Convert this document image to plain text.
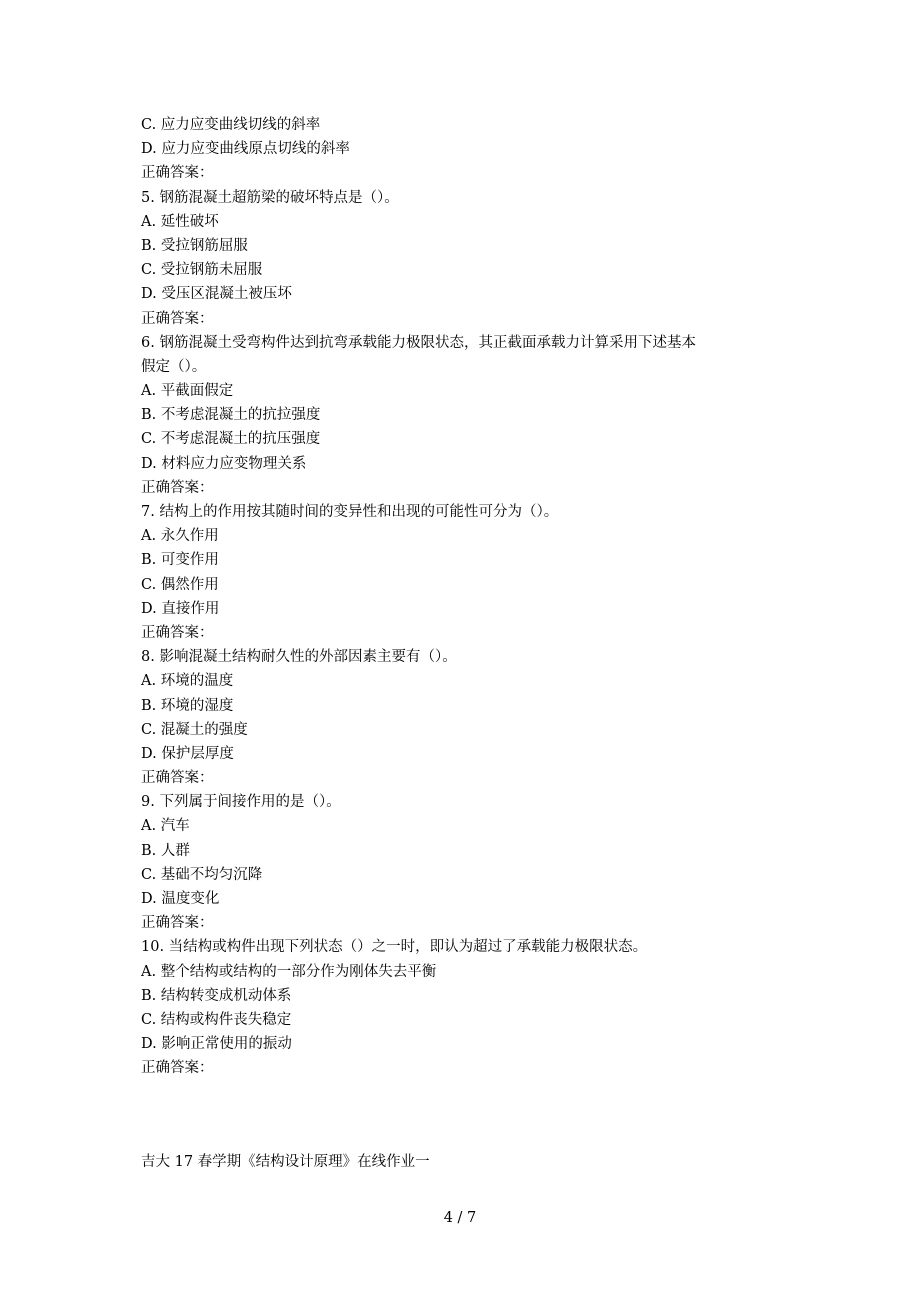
C. 应力应变曲线切线的斜率
D. 应力应变曲线原点切线的斜率
正确答案：
5. 钢筋混凝土超筋梁的破坏特点是（）。
A. 延性破坏
B. 受拉钢筋屈服
C. 受拉钢筋未屈服
D. 受压区混凝土被压坏
正确答案：
6. 钢筋混凝土受弯构件达到抗弯承载能力极限状态，其正截面承载力计算采用下述基本
假定（）。
A. 平截面假定
B. 不考虑混凝土的抗拉强度
C. 不考虑混凝土的抗压强度
D. 材料应力应变物理关系
正确答案：
7. 结构上的作用按其随时间的变异性和出现的可能性可分为（）。
A. 永久作用
B. 可变作用
C. 偶然作用
D. 直接作用
正确答案：
8. 影响混凝土结构耐久性的外部因素主要有（）。
A. 环境的温度
B. 环境的湿度
C. 混凝土的强度
D. 保护层厚度
正确答案：
9. 下列属于间接作用的是（）。
A. 汽车
B. 人群
C. 基础不均匀沉降
D. 温度变化
正确答案：
10. 当结构或构件出现下列状态（）之一时，即认为超过了承载能力极限状态。
A. 整个结构或结构的一部分作为刚体失去平衡
B. 结构转变成机动体系
C. 结构或构件丧失稳定
D. 影响正常使用的振动
正确答案：
吉大 17 春学期《结构设计原理》在线作业一
4 / 7
